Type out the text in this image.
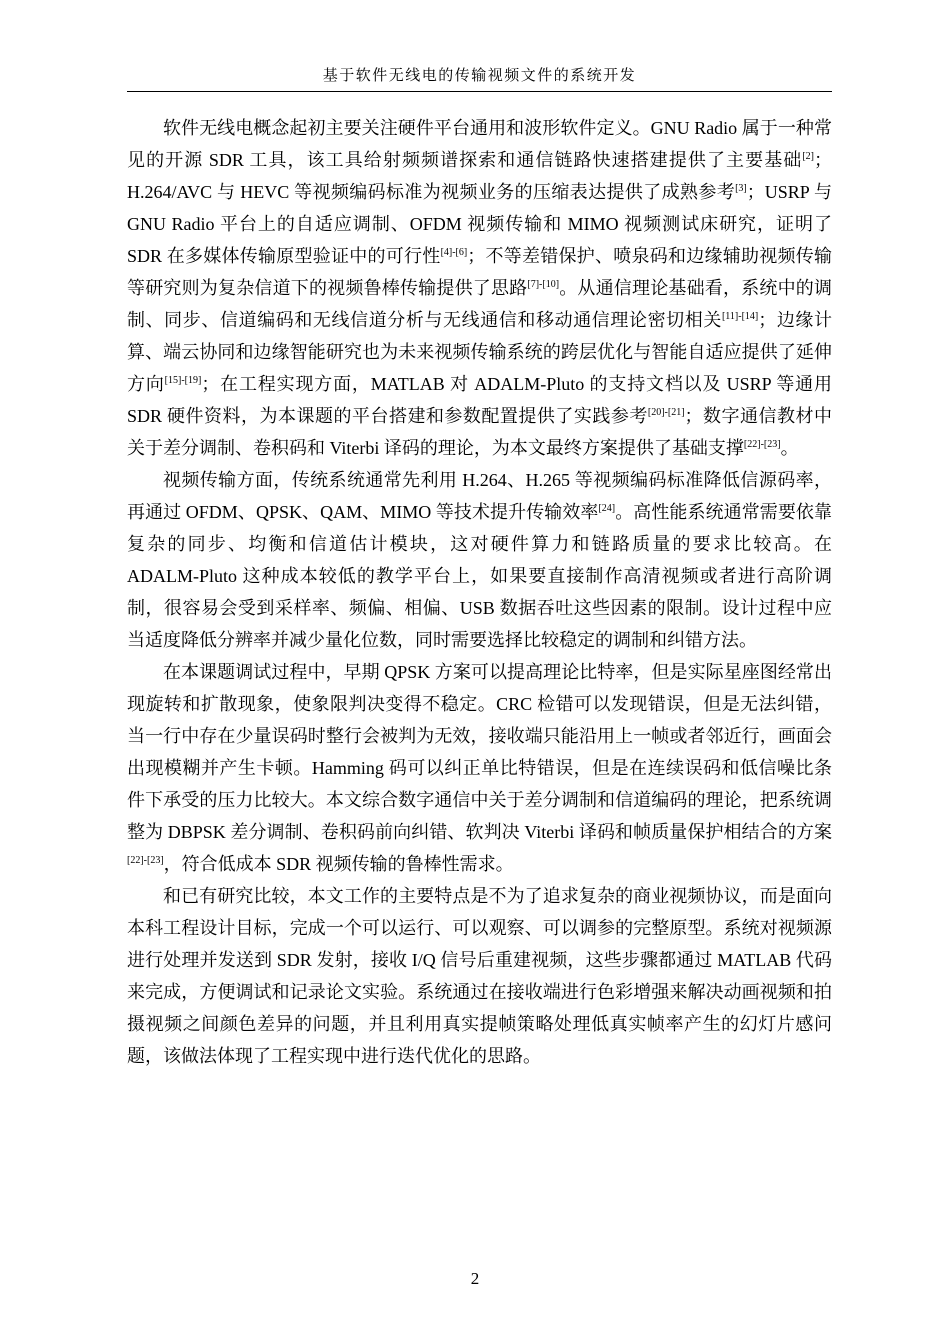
基于软件无线电的传输视频文件的系统开发

软件无线电概念起初主要关注硬件平台通用和波形软件定义。GNU Radio 属于一种常见的开源 SDR 工具，该工具给射频频谱探索和通信链路快速搭建提供了主要基础[2]；H.264/AVC 与 HEVC 等视频编码标准为视频业务的压缩表达提供了成熟参考[3]；USRP 与 GNU Radio 平台上的自适应调制、OFDM 视频传输和 MIMO 视频测试床研究，证明了 SDR 在多媒体传输原型验证中的可行性[4]-[6]；不等差错保护、喷泉码和边缘辅助视频传输等研究则为复杂信道下的视频鲁棒传输提供了思路[7]-[10]。从通信理论基础看，系统中的调制、同步、信道编码和无线信道分析与无线通信和移动通信理论密切相关[11]-[14]；边缘计算、端云协同和边缘智能研究也为未来视频传输系统的跨层优化与智能自适应提供了延伸方向[15]-[19]；在工程实现方面，MATLAB 对 ADALM-Pluto 的支持文档以及 USRP 等通用 SDR 硬件资料，为本课题的平台搭建和参数配置提供了实践参考[20]-[21]；数字通信教材中关于差分调制、卷积码和 Viterbi 译码的理论，为本文最终方案提供了基础支撑[22]-[23]。

视频传输方面，传统系统通常先利用 H.264、H.265 等视频编码标准降低信源码率，再通过 OFDM、QPSK、QAM、MIMO 等技术提升传输效率[24]。高性能系统通常需要依靠复杂的同步、均衡和信道估计模块，这对硬件算力和链路质量的要求比较高。在 ADALM-Pluto 这种成本较低的教学平台上，如果要直接制作高清视频或者进行高阶调制，很容易会受到采样率、频偏、相偏、USB 数据吞吐这些因素的限制。设计过程中应当适度降低分辨率并减少量化位数，同时需要选择比较稳定的调制和纠错方法。

在本课题调试过程中，早期 QPSK 方案可以提高理论比特率，但是实际星座图经常出现旋转和扩散现象，使象限判决变得不稳定。CRC 检错可以发现错误，但是无法纠错，当一行中存在少量误码时整行会被判为无效，接收端只能沿用上一帧或者邻近行，画面会出现模糊并产生卡顿。Hamming 码可以纠正单比特错误，但是在连续误码和低信噪比条件下承受的压力比较大。本文综合数字通信中关于差分调制和信道编码的理论，把系统调整为 DBPSK 差分调制、卷积码前向纠错、软判决 Viterbi 译码和帧质量保护相结合的方案[22]-[23]，符合低成本 SDR 视频传输的鲁棒性需求。

和已有研究比较，本文工作的主要特点是不为了追求复杂的商业视频协议，而是面向本科工程设计目标，完成一个可以运行、可以观察、可以调参的完整原型。系统对视频源进行处理并发送到 SDR 发射，接收 I/Q 信号后重建视频，这些步骤都通过 MATLAB 代码来完成，方便调试和记录论文实验。系统通过在接收端进行色彩增强来解决动画视频和拍摄视频之间颜色差异的问题，并且利用真实提帧策略处理低真实帧率产生的幻灯片感问题，该做法体现了工程实现中进行迭代优化的思路。

2
